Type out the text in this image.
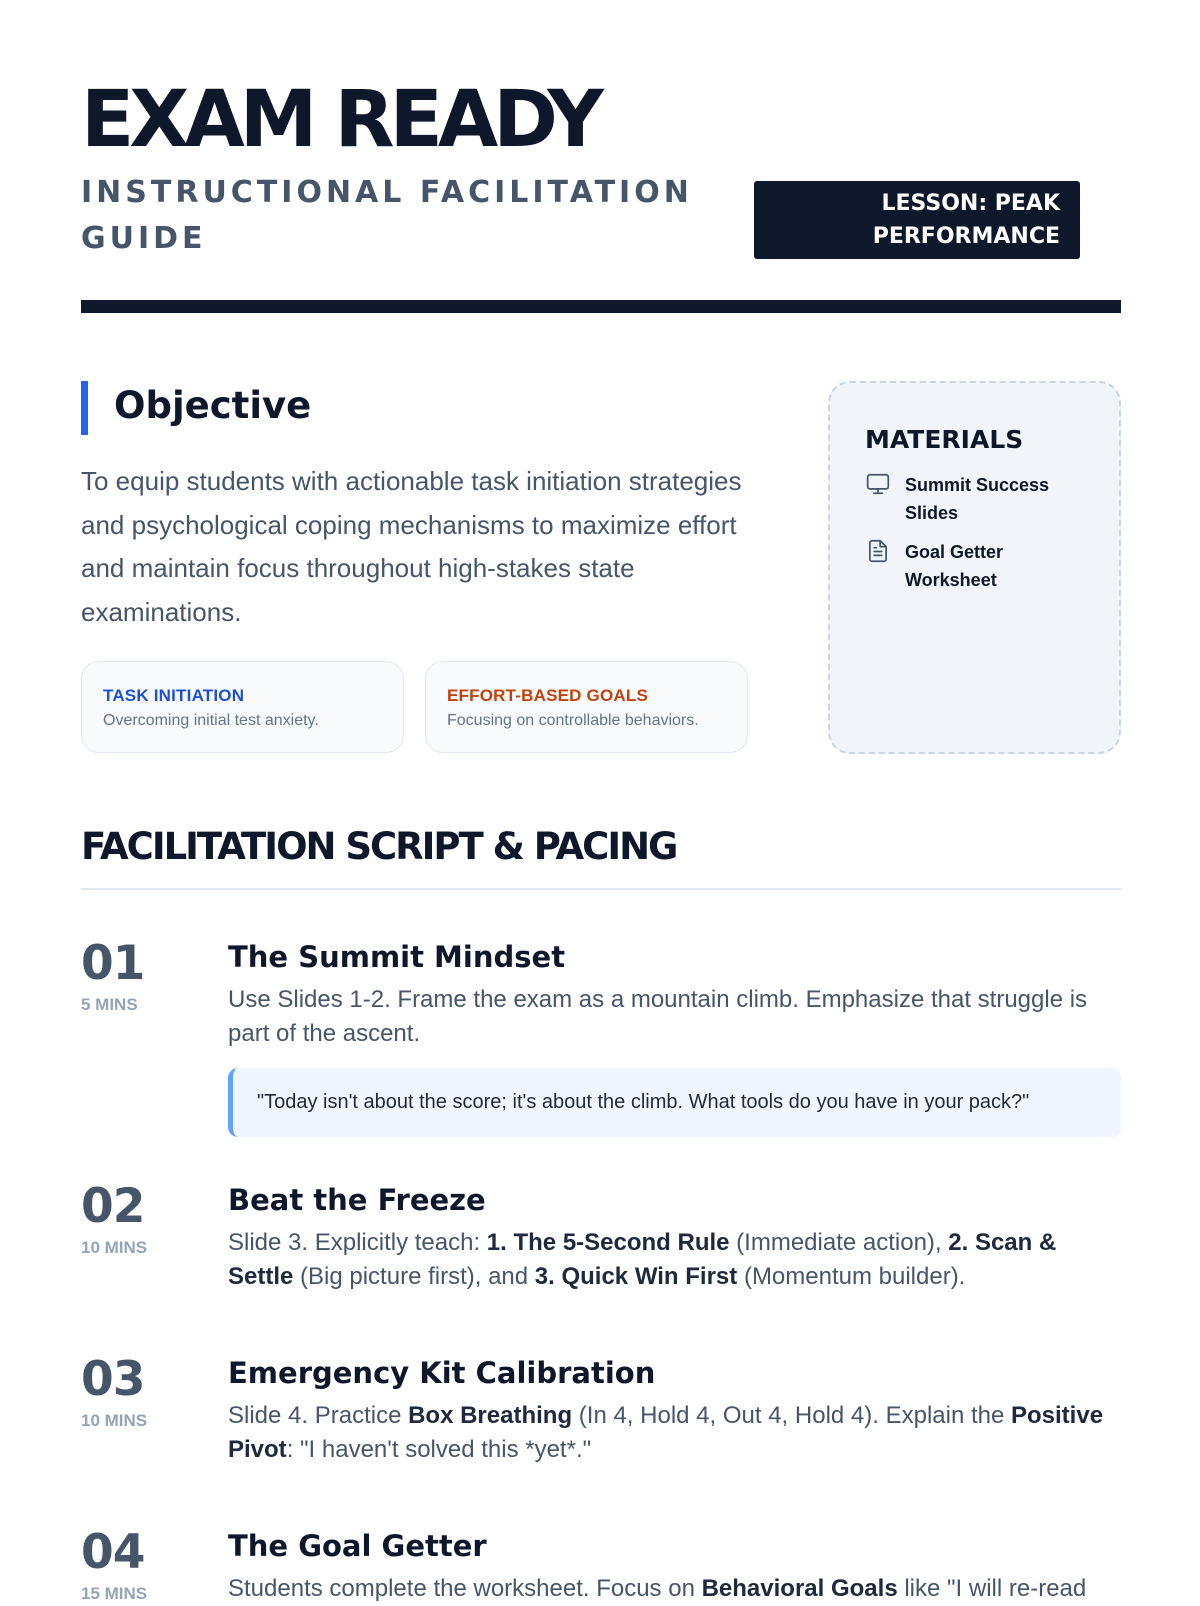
EXAM READY
INSTRUCTIONAL FACILITATION GUIDE
LESSON: PEAK PERFORMANCE
Objective

To equip students with actionable task initiation strategies and psychological coping mechanisms to maximize effort and maintain focus throughout high-stakes state examinations.

TASK INITIATION
Overcoming initial test anxiety.
EFFORT-BASED GOALS
Focusing on controllable behaviors.
MATERIALS
Summit Success Slides
Goal Getter Worksheet
FACILITATION SCRIPT & PACING
01
5 MINS
The Summit Mindset

Use Slides 1-2. Frame the exam as a mountain climb. Emphasize that struggle is part of the ascent.

"Today isn't about the score; it's about the climb. What tools do you have in your pack?"
02
10 MINS
Beat the Freeze

Slide 3. Explicitly teach: 1. The 5-Second Rule (Immediate action), 2. Scan & Settle (Big picture first), and 3. Quick Win First (Momentum builder).

03
10 MINS
Emergency Kit Calibration

Slide 4. Practice Box Breathing (In 4, Hold 4, Out 4, Hold 4). Explain the Positive Pivot: "I haven't solved this *yet*."

04
15 MINS
The Goal Getter

Students complete the worksheet. Focus on Behavioral Goals like "I will re-read
